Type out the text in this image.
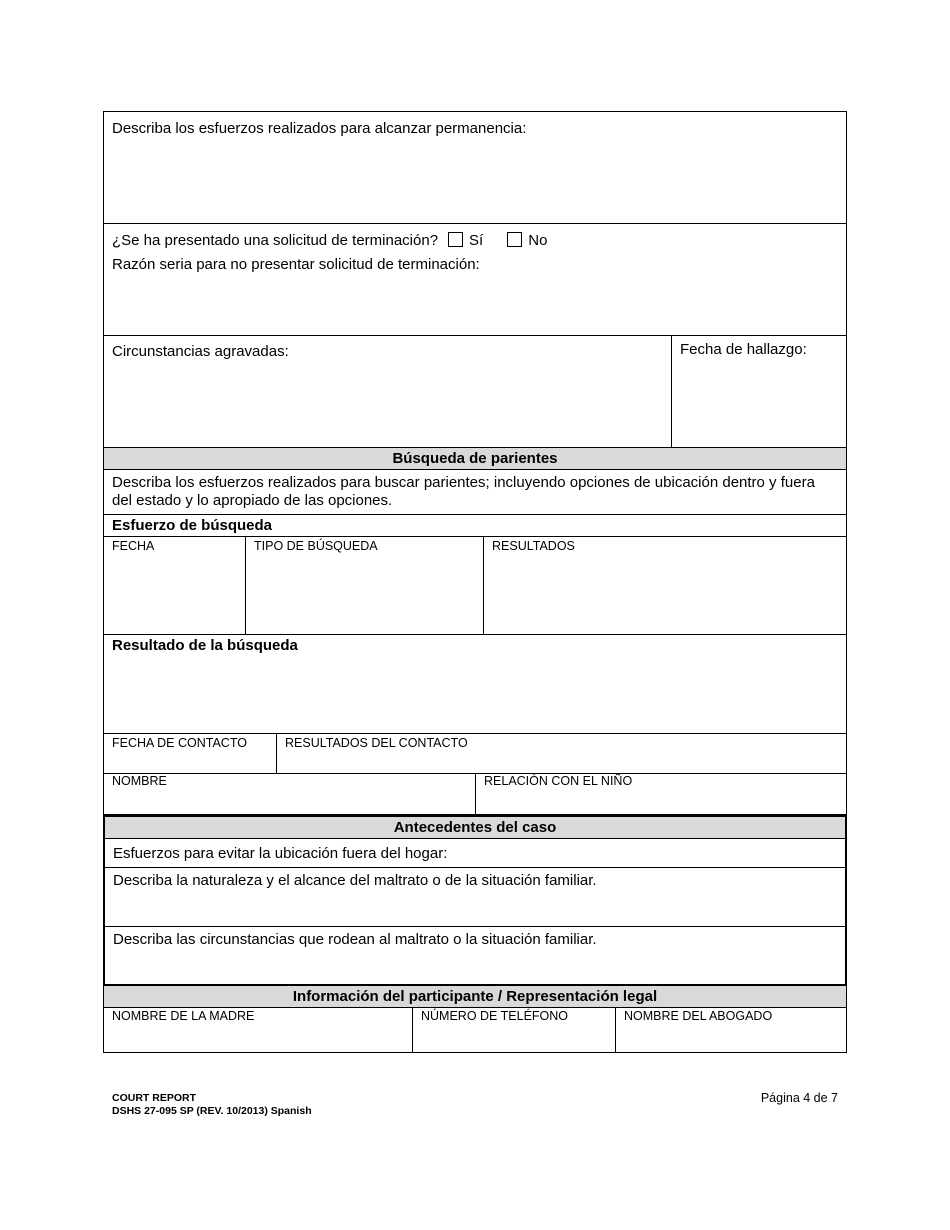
Describa los esfuerzos realizados para alcanzar permanencia:
¿Se ha presentado una solicitud de terminación? Sí	No
Razón seria para no presentar solicitud de terminación:
Circunstancias agravadas:	Fecha de hallazgo:
Búsqueda de parientes
Describa los esfuerzos realizados para buscar parientes; incluyendo opciones de ubicación dentro y fuera del estado y lo apropiado de las opciones.
Esfuerzo de búsqueda
FECHA	TIPO DE BÚSQUEDA	RESULTADOS
Resultado de la búsqueda
FECHA DE CONTACTO	RESULTADOS DEL CONTACTO
NOMBRE	RELACIÓN CON EL NIÑO
Antecedentes del caso
Esfuerzos para evitar la ubicación fuera del hogar:
Describa la naturaleza y el alcance del maltrato o de la situación familiar.
Describa las circunstancias que rodean al maltrato o la situación familiar.
Información del participante / Representación legal
NOMBRE DE LA MADRE	NÚMERO DE TELÉFONO	NOMBRE DEL ABOGADO
COURT REPORT
DSHS 27-095 SP (REV. 10/2013) Spanish
Página 4 de 7
